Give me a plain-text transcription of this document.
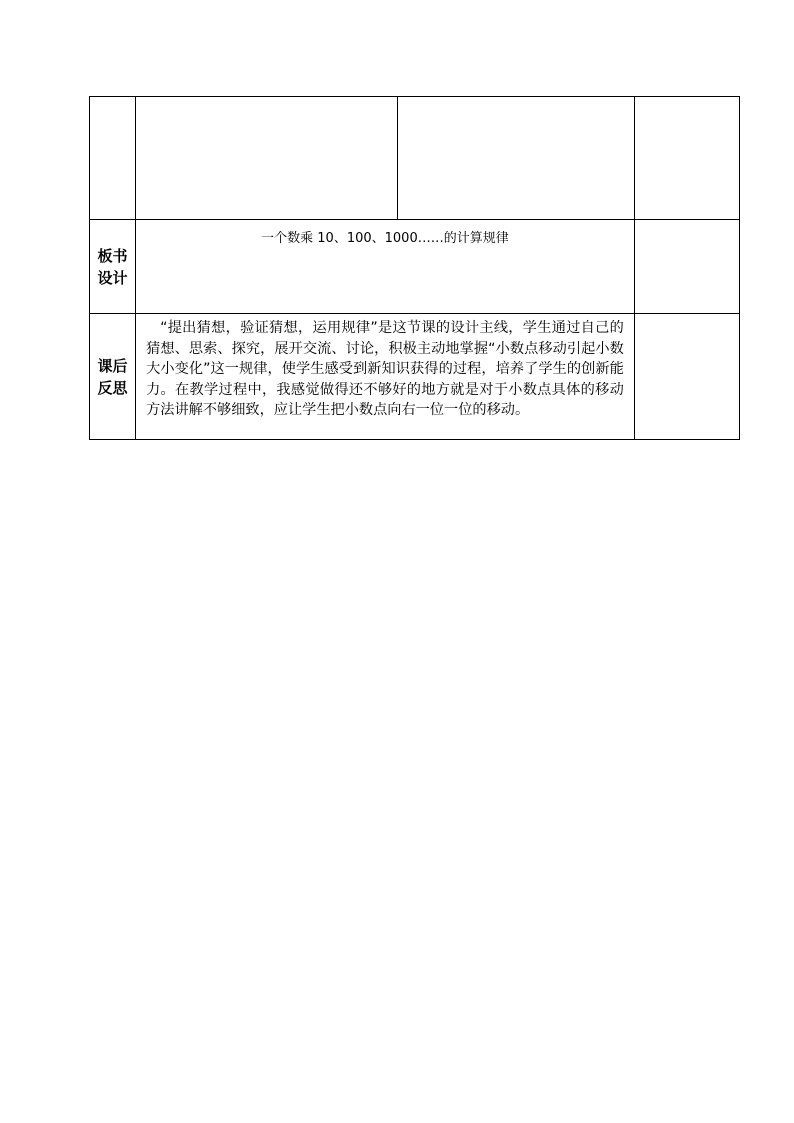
板书设计	一个数乘 10、100、1000……的计算规律		

课后反思	“提出猜想，验证猜想，运用规律”是这节课的设计主线，学生通过自己的猜想、思索、探究，展开交流、讨论，积极主动地掌握“小数点移动引起小数大小变化”这一规律，使学生感受到新知识获得的过程，培养了学生的创新能力。在教学过程中，我感觉做得还不够好的地方就是对于小数点具体的移动方法讲解不够细致，应让学生把小数点向右一位一位的移动。		
